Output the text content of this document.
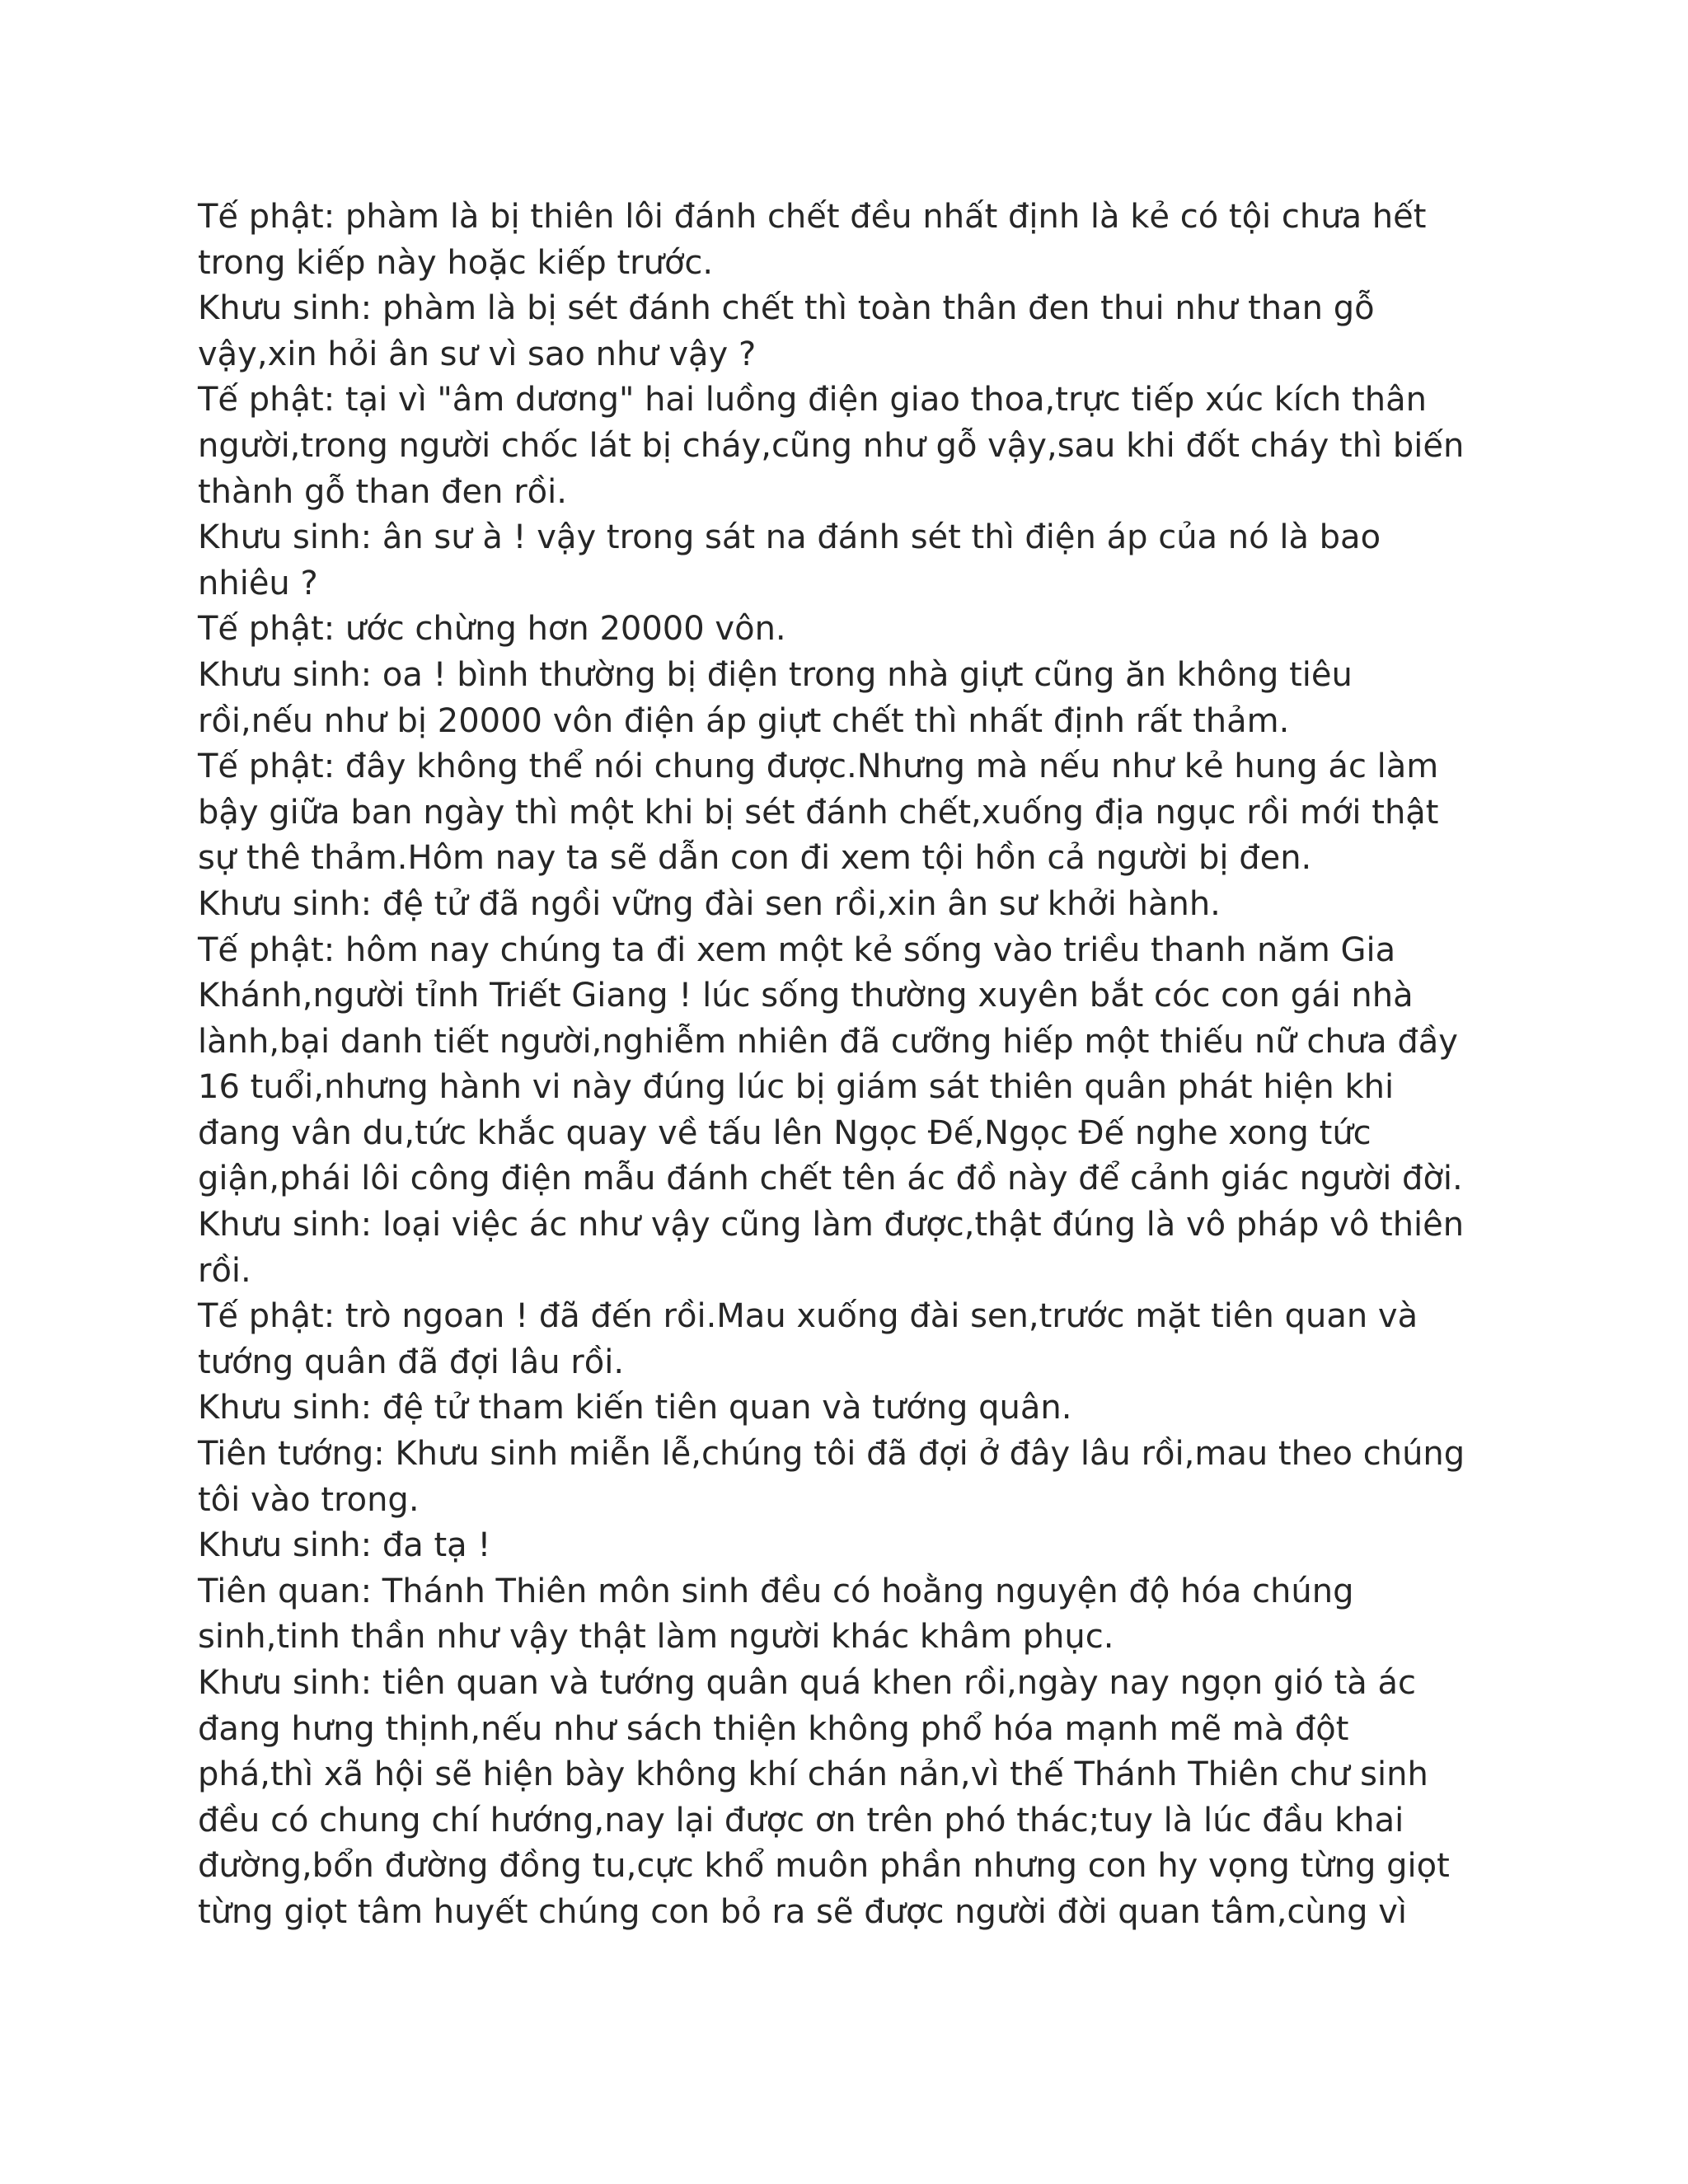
Tế phật: phàm là bị thiên lôi đánh chết đều nhất định là kẻ có tội chưa hết
trong kiếp này hoặc kiếp trước.
Khưu sinh: phàm là bị sét đánh chết thì toàn thân đen thui như than gỗ
vậy,xin hỏi ân sư vì sao như vậy ?
Tế phật: tại vì "âm dương" hai luồng điện giao thoa,trực tiếp xúc kích thân
người,trong người chốc lát bị cháy,cũng như gỗ vậy,sau khi đốt cháy thì biến
thành gỗ than đen rồi.
Khưu sinh: ân sư à ! vậy trong sát na đánh sét thì điện áp của nó là bao
nhiêu ?
Tế phật: ước chừng hơn 20000 vôn.
Khưu sinh: oa ! bình thường bị điện trong nhà giựt cũng ăn không tiêu
rồi,nếu như bị 20000 vôn điện áp giựt chết thì nhất định rất thảm.
Tế phật: đây không thể nói chung được.Nhưng mà nếu như kẻ hung ác làm
bậy giữa ban ngày thì một khi bị sét đánh chết,xuống địa ngục rồi mới thật
sự thê thảm.Hôm nay ta sẽ dẫn con đi xem tội hồn cả người bị đen.
Khưu sinh: đệ tử đã ngồi vững đài sen rồi,xin ân sư khởi hành.
Tế phật: hôm nay chúng ta đi xem một kẻ sống vào triều thanh năm Gia
Khánh,người tỉnh Triết Giang ! lúc sống thường xuyên bắt cóc con gái nhà
lành,bại danh tiết người,nghiễm nhiên đã cưỡng hiếp một thiếu nữ chưa đầy
16 tuổi,nhưng hành vi này đúng lúc bị giám sát thiên quân phát hiện khi
đang vân du,tức khắc quay về tấu lên Ngọc Đế,Ngọc Đế nghe xong tức
giận,phái lôi công điện mẫu đánh chết tên ác đồ này để cảnh giác người đời.
Khưu sinh: loại việc ác như vậy cũng làm được,thật đúng là vô pháp vô thiên
rồi.
Tế phật: trò ngoan ! đã đến rồi.Mau xuống đài sen,trước mặt tiên quan và
tướng quân đã đợi lâu rồi.
Khưu sinh: đệ tử tham kiến tiên quan và tướng quân.
Tiên tướng: Khưu sinh miễn lễ,chúng tôi đã đợi ở đây lâu rồi,mau theo chúng
tôi vào trong.
Khưu sinh: đa tạ !
Tiên quan: Thánh Thiên môn sinh đều có hoằng nguyện độ hóa chúng
sinh,tinh thần như vậy thật làm người khác khâm phục.
Khưu sinh: tiên quan và tướng quân quá khen rồi,ngày nay ngọn gió tà ác
đang hưng thịnh,nếu như sách thiện không phổ hóa mạnh mẽ mà đột
phá,thì xã hội sẽ hiện bày không khí chán nản,vì thế Thánh Thiên chư sinh
đều có chung chí hướng,nay lại được ơn trên phó thác;tuy là lúc đầu khai
đường,bổn đường đồng tu,cực khổ muôn phần nhưng con hy vọng từng giọt
từng giọt tâm huyết chúng con bỏ ra sẽ được người đời quan tâm,cùng vì
